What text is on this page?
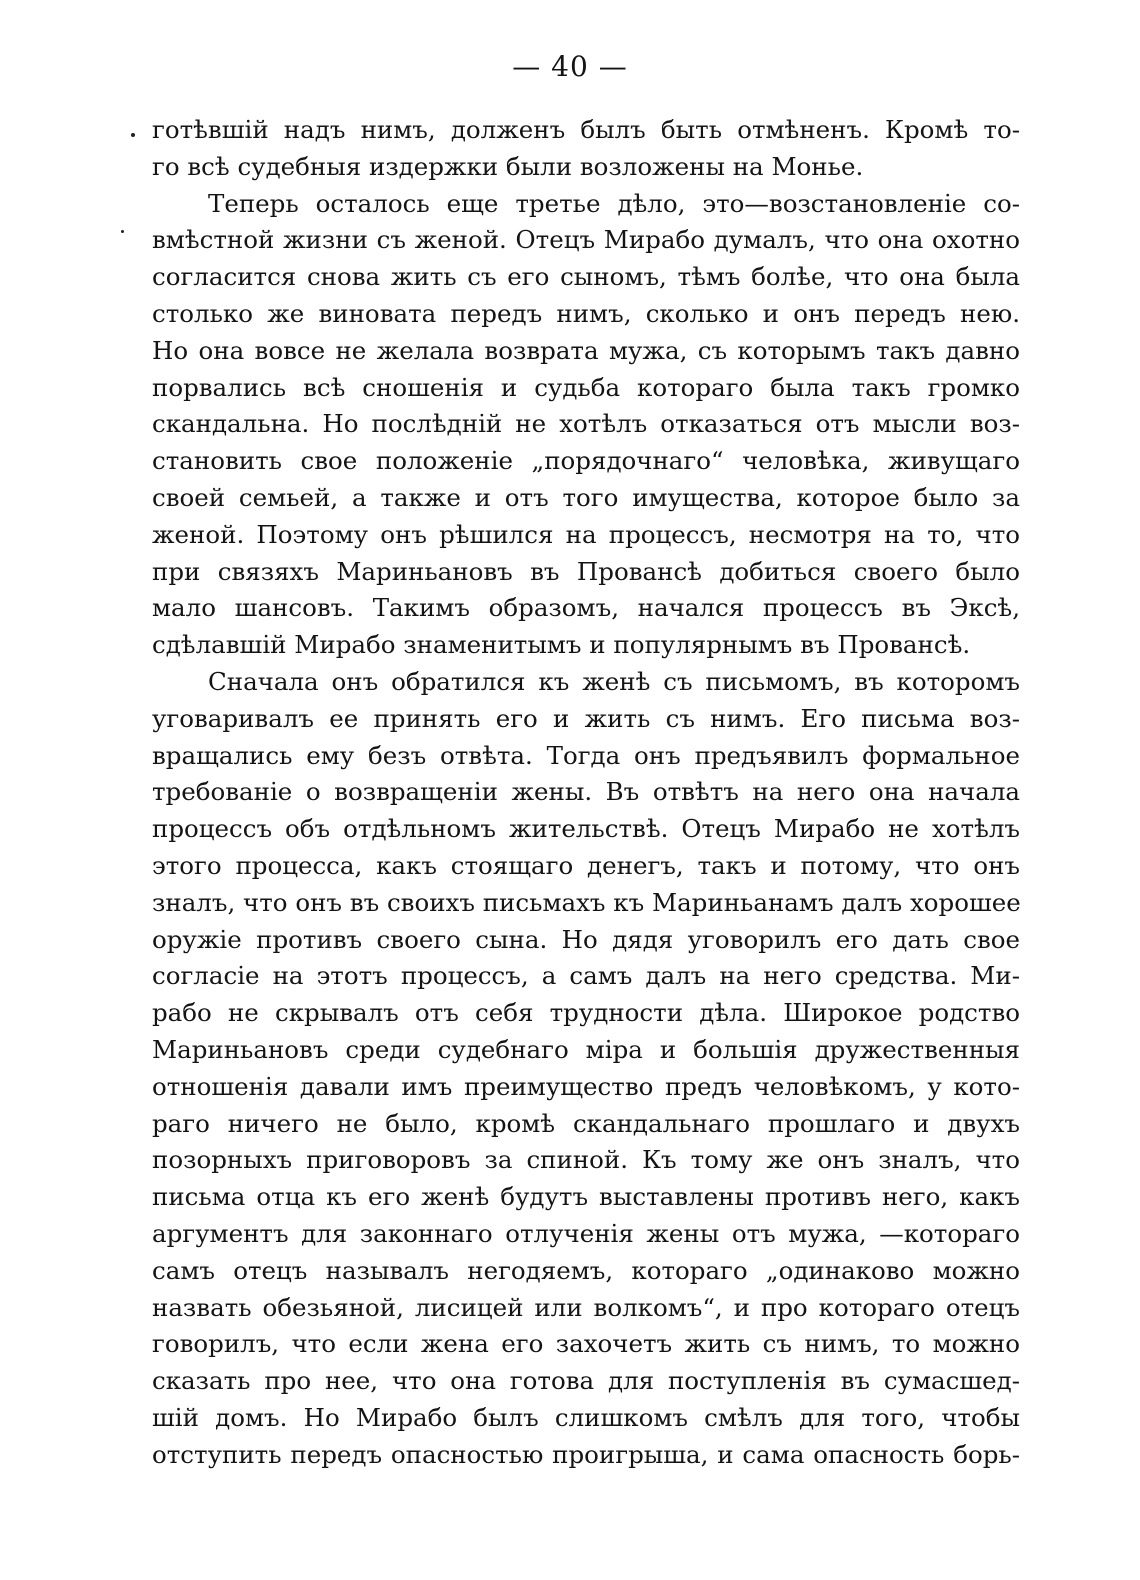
— 40 —
готѣвшій надъ нимъ, долженъ былъ быть отмѣненъ. Кромѣ то-
го всѣ судебныя издержки были возложены на Монье.
Теперь осталось еще третье дѣло, это—возстановленіе со-
вмѣстной жизни съ женой. Отецъ Мирабо думалъ, что она охотно
согласится снова жить съ его сыномъ, тѣмъ болѣе, что она была
столько же виновата передъ нимъ, сколько и онъ передъ нею.
Но она вовсе не желала возврата мужа, съ которымъ такъ давно
порвались всѣ сношенія и судьба котораго была такъ громко
скандальна. Но послѣдній не хотѣлъ отказаться отъ мысли воз-
становить свое положеніе „порядочнаго“ человѣка, живущаго
своей семьей, а также и отъ того имущества, которое было за
женой. Поэтому онъ рѣшился на процессъ, несмотря на то, что
при связяхъ Мариньановъ въ Провансѣ добиться своего было
мало шансовъ. Такимъ образомъ, начался процессъ въ Эксѣ,
сдѣлавшій Мирабо знаменитымъ и популярнымъ въ Провансѣ.
Сначала онъ обратился къ женѣ съ письмомъ, въ которомъ
уговаривалъ ее принять его и жить съ нимъ. Его письма воз-
вращались ему безъ отвѣта. Тогда онъ предъявилъ формальное
требованіе о возвращеніи жены. Въ отвѣтъ на него она начала
процессъ объ отдѣльномъ жительствѣ. Отецъ Мирабо не хотѣлъ
этого процесса, какъ стоящаго денегъ, такъ и потому, что онъ
зналъ, что онъ въ своихъ письмахъ къ Мариньанамъ далъ хорошее
оружіе противъ своего сына. Но дядя уговорилъ его дать свое
согласіе на этотъ процессъ, а самъ далъ на него средства. Ми-
рабо не скрывалъ отъ себя трудности дѣла. Широкое родство
Мариньановъ среди судебнаго міра и большія дружественныя
отношенія давали имъ преимущество предъ человѣкомъ, у кото-
раго ничего не было, кромѣ скандальнаго прошлаго и двухъ
позорныхъ приговоровъ за спиной. Къ тому же онъ зналъ, что
письма отца къ его женѣ будутъ выставлены противъ него, какъ
аргументъ для законнаго отлученія жены отъ мужа, —котораго
самъ отецъ называлъ негодяемъ, котораго „одинаково можно
назвать обезьяной, лисицей или волкомъ“, и про котораго отецъ
говорилъ, что если жена его захочетъ жить съ нимъ, то можно
сказать про нее, что она готова для поступленія въ сумасшед-
шій домъ. Но Мирабо былъ слишкомъ смѣлъ для того, чтобы
отступить передъ опасностью проигрыша, и сама опасность борь-
